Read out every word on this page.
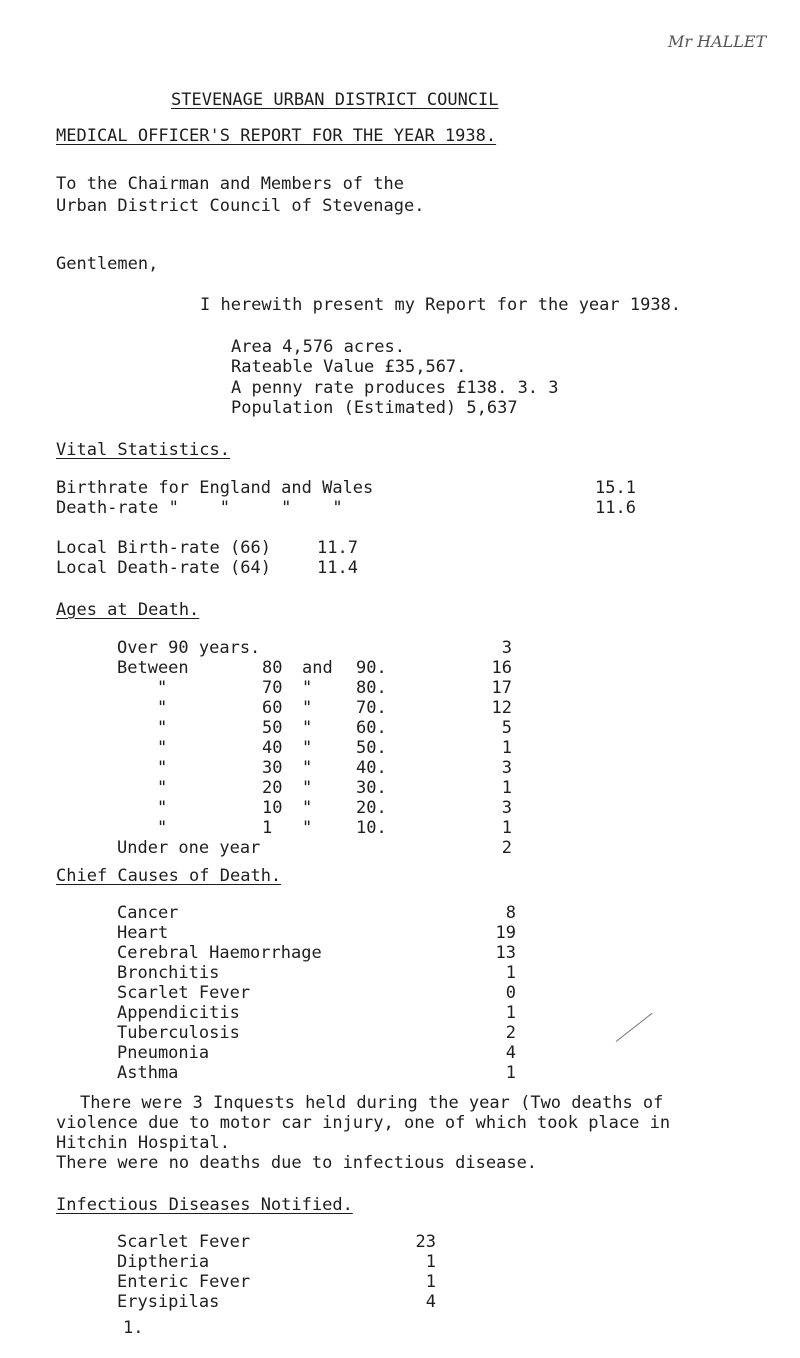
Mr HALLET
STEVENAGE URBAN DISTRICT COUNCIL
MEDICAL OFFICER'S REPORT FOR THE YEAR 1938.
To the Chairman and Members of the
Urban District Council of Stevenage.
Gentlemen,
I herewith present my Report for the year 1938.
Area 4,576 acres.
Rateable Value £35,567.
A penny rate produces £138. 3. 3
Population (Estimated) 5,637
Vital Statistics.
Birthrate for England and Wales	15.1
Death-rate "    "     "    "	11.6
Local Birth-rate (66)	11.7
Local Death-rate (64)	11.4
Ages at Death.
Over 90 years.	3
Between	80 and 90.	16
"	70 "	80.	17
"	60 "	70.	12
"	50 "	60.	5
"	40 "	50.	1
"	30 "	40.	3
"	20 "	30.	1
"	10 "	20.	3
"	1 "	10.	1
Under one year	2
Chief Causes of Death.
Cancer	8
Heart	19
Cerebral Haemorrhage	13
Bronchitis	1
Scarlet Fever	0
Appendicitis	1
Tuberculosis	2
Pneumonia	4
Asthma	1
There were 3 Inquests held during the year (Two deaths of
violence due to motor car injury, one of which took place in
Hitchin Hospital.
There were no deaths due to infectious disease.
Infectious Diseases Notified.
Scarlet Fever	23
Diptheria	1
Enteric Fever	1
Erysipilas	4
1.
